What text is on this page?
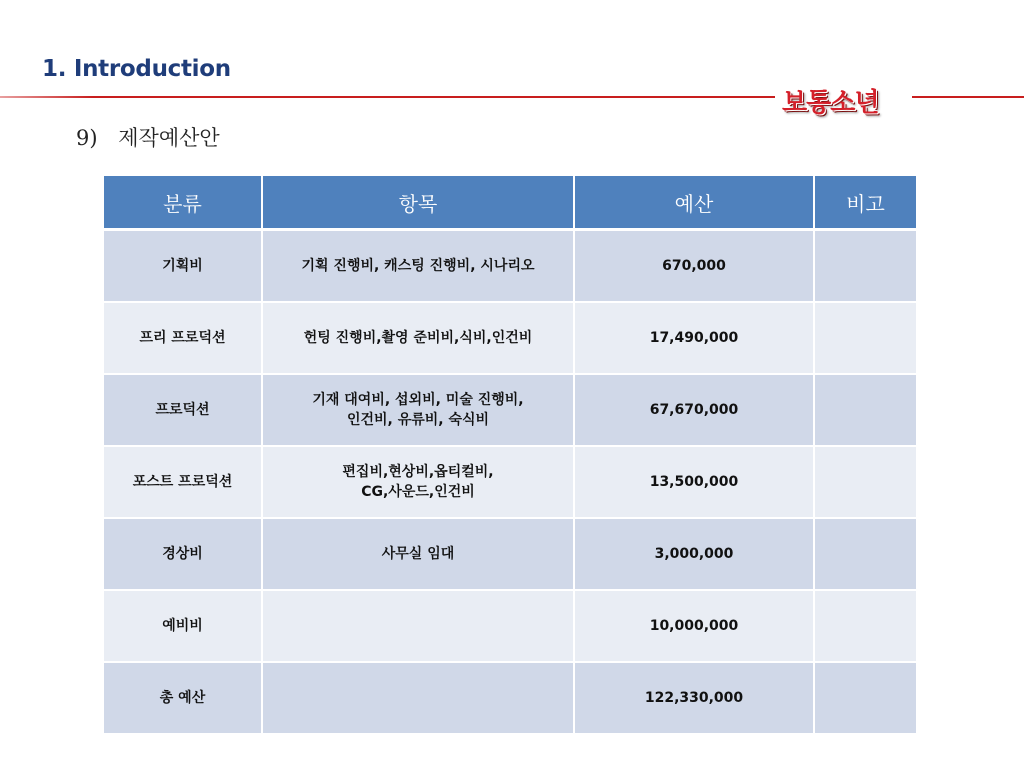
1. Introduction
보통소년
9) 제작예산안
분류	항목	예산	비고
기획비	기획 진행비, 캐스팅 진행비, 시나리오	670,000	
프리 프로덕션	헌팅 진행비,촬영 준비비,식비,인건비	17,490,000	
프로덕션	기재 대여비, 섭외비, 미술 진행비,
인건비, 유류비, 숙식비	67,670,000	
포스트 프로덕션	편집비,현상비,옵티컬비,
CG,사운드,인건비	13,500,000	
경상비	사무실 임대	3,000,000	
예비비		10,000,000	
총 예산		122,330,000	
